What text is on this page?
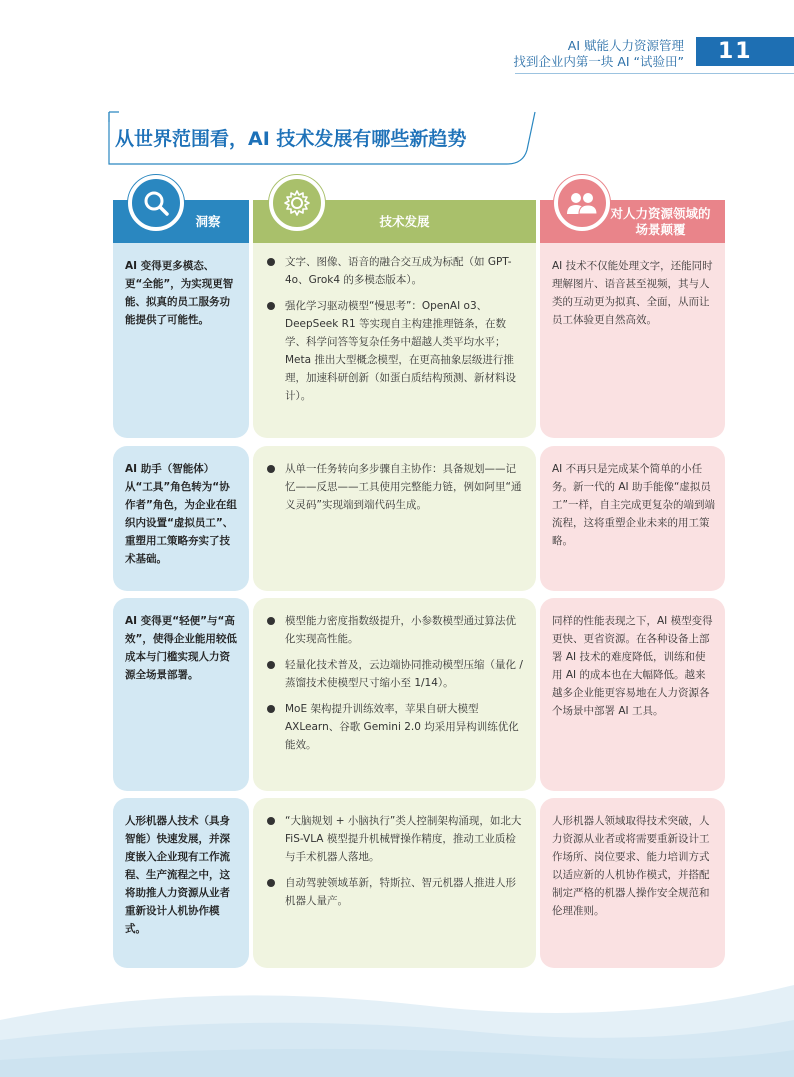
AI 赋能人力资源管理
找到企业内第一块 AI “试验田”	11
从世界范围看，AI 技术发展有哪些新趋势
洞察	技术发展
对人力资源领域的场景颠覆
AI 变得更多模态、更“全能”，为实现更智能、拟真的员工服务功能提供了可能性。
文字、图像、语音的融合交互成为标配（如 GPT-4o、Grok4 的多模态版本）。
强化学习驱动模型“慢思考”：OpenAI o3、DeepSeek R1 等实现自主构建推理链条，在数学、科学问答等复杂任务中超越人类平均水平；Meta 推出大型概念模型，在更高抽象层级进行推理，加速科研创新（如蛋白质结构预测、新材料设计）。
AI 技术不仅能处理文字，还能同时理解图片、语音甚至视频，其与人类的互动更为拟真、全面，从而让员工体验更自然高效。
AI 助手（智能体）从“工具”角色转为“协作者”角色，为企业在组织内设置“虚拟员工”、重塑用工策略夯实了技术基础。
从单一任务转向多步骤自主协作：具备规划——记忆——反思——工具使用完整能力链，例如阿里“通义灵码”实现端到端代码生成。
AI 不再只是完成某个简单的小任务。新一代的 AI 助手能像“虚拟员工”一样，自主完成更复杂的端到端流程，这将重塑企业未来的用工策略。
AI 变得更“轻便”与“高效”，使得企业能用较低成本与门槛实现人力资源全场景部署。
模型能力密度指数级提升，小参数模型通过算法优化实现高性能。
轻量化技术普及，云边端协同推动模型压缩（量化 / 蒸馏技术使模型尺寸缩小至 1/14）。
MoE 架构提升训练效率，苹果自研大模型 AXLearn、谷歌 Gemini 2.0 均采用异构训练优化能效。
同样的性能表现之下，AI 模型变得更快、更省资源。在各种设备上部署 AI 技术的难度降低，训练和使用 AI 的成本也在大幅降低。越来越多企业能更容易地在人力资源各个场景中部署 AI 工具。
人形机器人技术（具身智能）快速发展，并深度嵌入企业现有工作流程、生产流程之中，这将助推人力资源从业者重新设计人机协作模式。
“大脑规划 + 小脑执行”类人控制架构涌现，如北大 FiS-VLA 模型提升机械臂操作精度，推动工业质检与手术机器人落地。
自动驾驶领域革新，特斯拉、智元机器人推进人形机器人量产。
人形机器人领域取得技术突破，人力资源从业者或将需要重新设计工作场所、岗位要求、能力培训方式以适应新的人机协作模式，并搭配制定严格的机器人操作安全规范和伦理准则。
